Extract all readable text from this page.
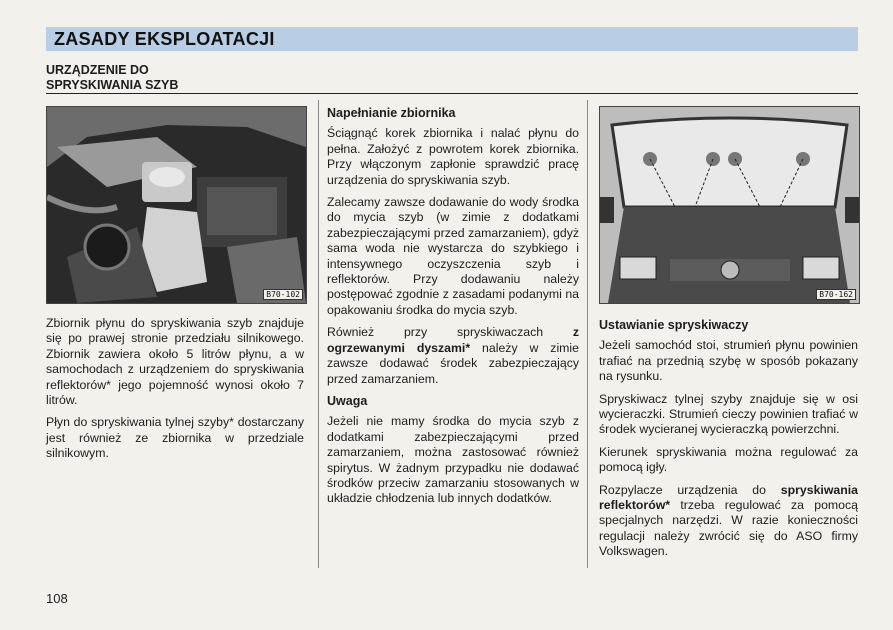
ZASADY EKSPLOATACJI
URZĄDZENIE DO
SPRYSKIWANIA SZYB
B70-102	B70-162

Zbiornik płynu do spryskiwania szyb znajduje się po prawej stronie przedziału silnikowego. Zbiornik zawiera około 5 litrów płynu, a w samochodach z urządzeniem do spryskiwania reflektorów* jego pojemność wynosi około 7 litrów.

Płyn do spryskiwania tylnej szyby* dostarczany jest również ze zbiornika w przedziale silnikowym.

Napełnianie zbiornika

Ściągnąć korek zbiornika i nalać płynu do pełna. Założyć z powrotem korek zbiornika. Przy włączonym zapłonie sprawdzić pracę urządzenia do spryskiwania szyb.

Zalecamy zawsze dodawanie do wody środka do mycia szyb (w zimie z dodatkami zabezpieczającymi przed zamarzaniem), gdyż sama woda nie wystarcza do szybkiego i intensywnego oczyszczenia szyb i reflektorów. Przy dodawaniu należy postępować zgodnie z zasadami podanymi na opakowaniu środka do mycia szyb.

Również przy spryskiwaczach z ogrzewanymi dyszami* należy w zimie zawsze dodawać środek zabezpieczający przed zamarzaniem.

Uwaga

Jeżeli nie mamy środka do mycia szyb z dodatkami zabezpieczającymi przed zamarzaniem, można zastosować również spirytus. W żadnym przypadku nie dodawać środków przeciw zamarzaniu stosowanych w układzie chłodzenia lub innych dodatków.

Ustawianie spryskiwaczy

Jeżeli samochód stoi, strumień płynu powinien trafiać na przednią szybę w sposób pokazany na rysunku.

Spryskiwacz tylnej szyby znajduje się w osi wycieraczki. Strumień cieczy powinien trafiać w środek wycieranej wycieraczką powierzchni.

Kierunek spryskiwania można regulować za pomocą igły.

Rozpylacze urządzenia do spryskiwania reflektorów* trzeba regulować za pomocą specjalnych narzędzi. W razie konieczności regulacji należy zwrócić się do ASO firmy Volkswagen.

108
